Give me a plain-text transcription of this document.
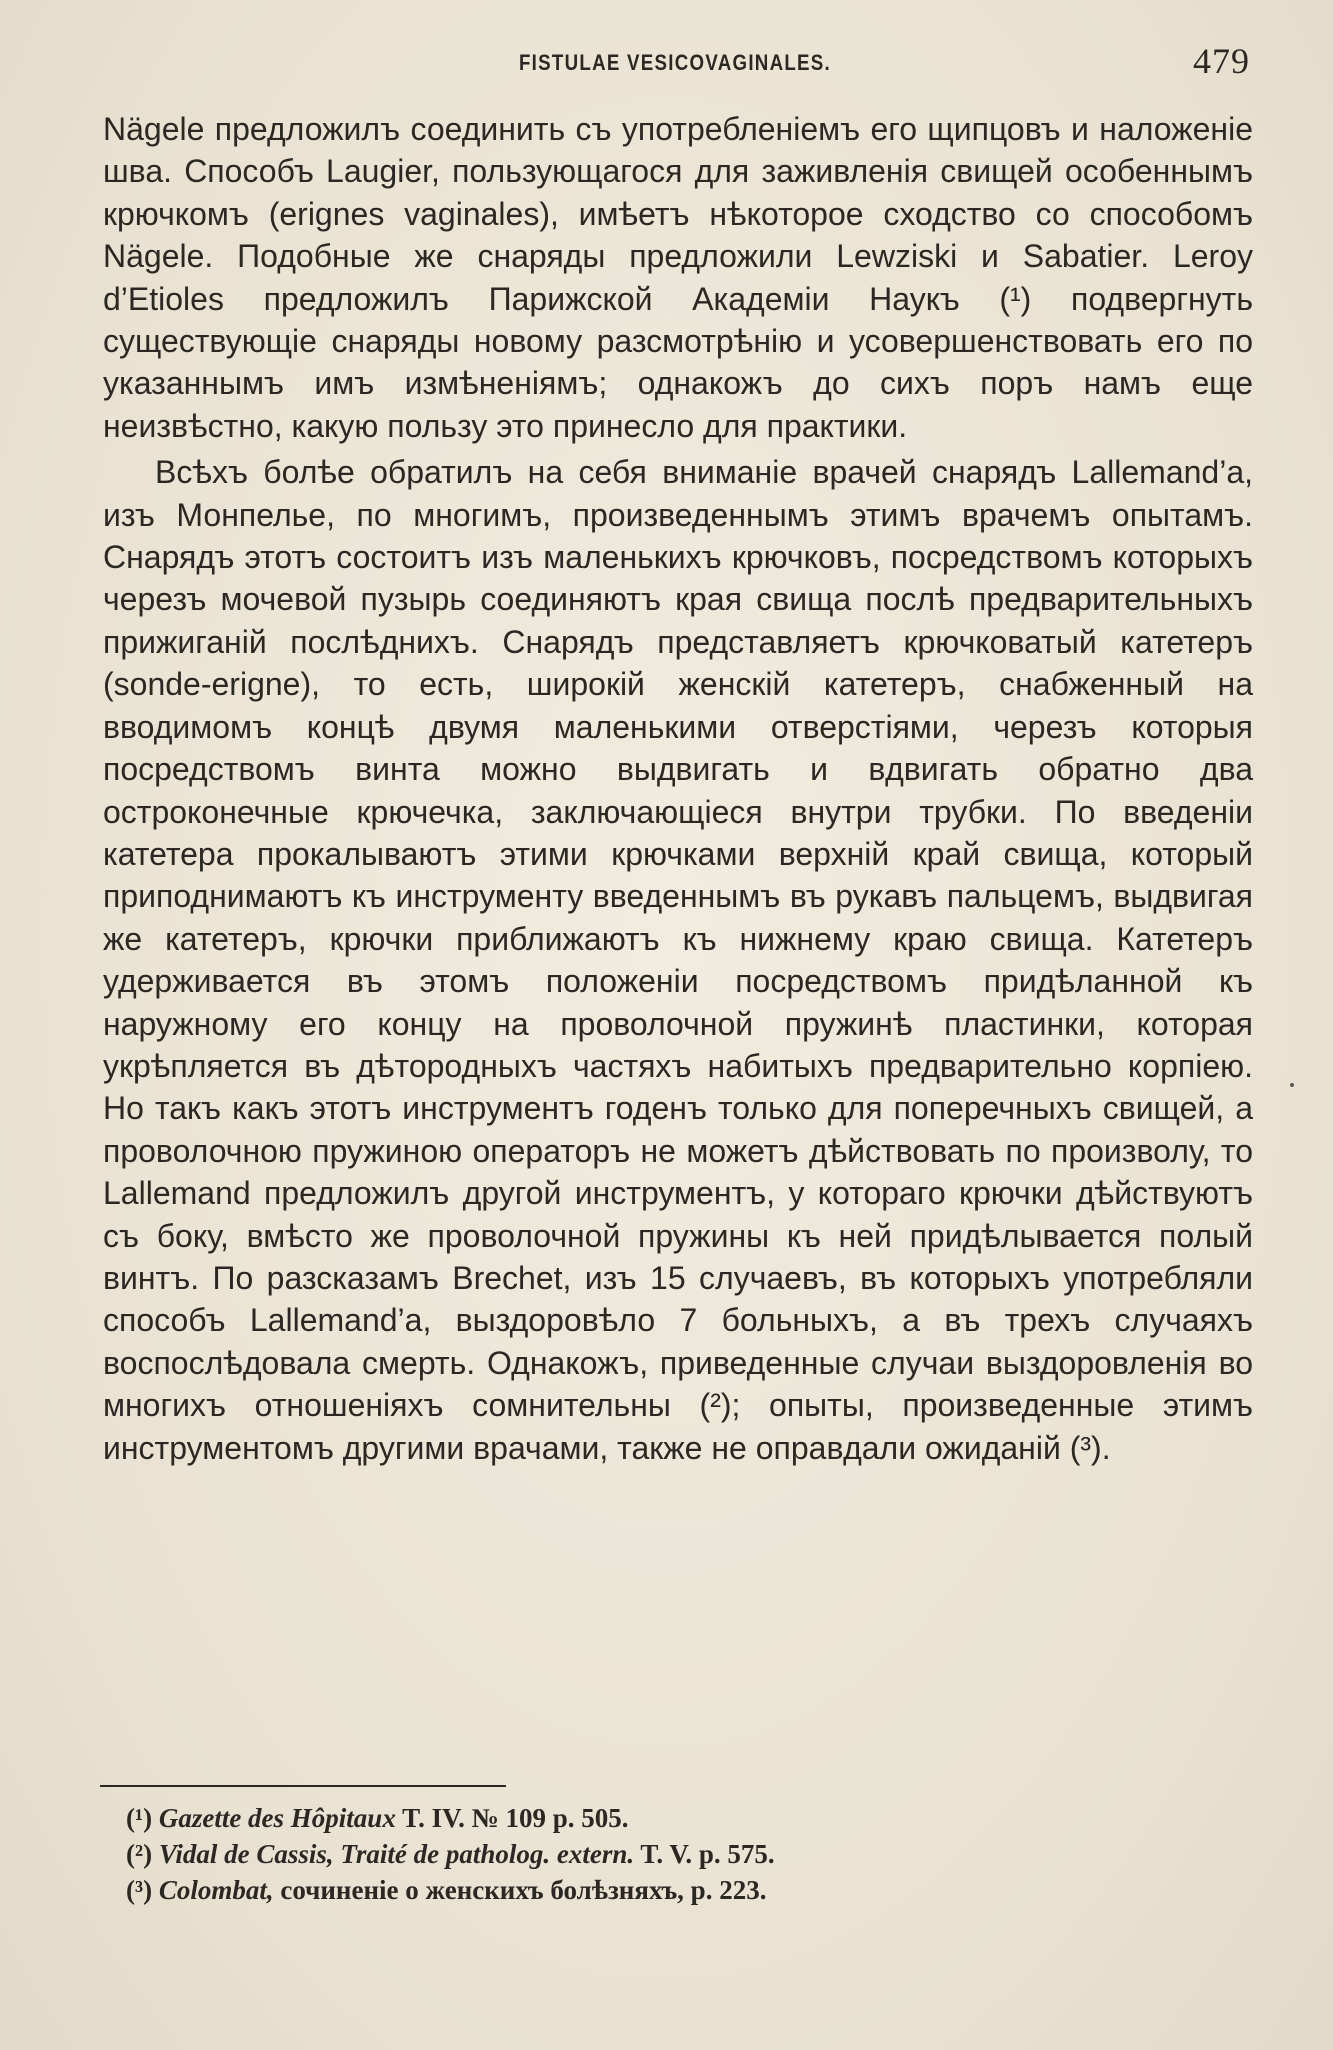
FISTULAE VESICOVAGINALES.	479

Nägele предложилъ соединить съ употребленіемъ его щипцовъ и наложеніе шва. Способъ Laugier, пользующагося для заживленія свищей особеннымъ крючкомъ (erignes vaginales), имѣетъ нѣкоторое сходство со способомъ Nägele. Подобные же снаряды предложили Lewziski и Sabatier. Leroy d’Etioles предложилъ Парижской Академіи Наукъ (¹) подвергнуть существующіе снаряды новому разсмотрѣнію и усовершенствовать его по указаннымъ имъ измѣненіямъ; однакожъ до сихъ поръ намъ еще неизвѣстно, какую пользу это принесло для практики.

Всѣхъ болѣе обратилъ на себя вниманіе врачей снарядъ Lallemand’а, изъ Монпелье, по многимъ, произведеннымъ этимъ врачемъ опытамъ. Снарядъ этотъ состоитъ изъ маленькихъ крючковъ, посредствомъ которыхъ черезъ мочевой пузырь соединяютъ края свища послѣ предварительныхъ прижиганій послѣднихъ. Снарядъ представляетъ крючковатый катетеръ (sonde-erigne), то есть, широкій женскій катетеръ, снабженный на вводимомъ концѣ двумя маленькими отверстіями, черезъ которыя посредствомъ винта можно выдвигать и вдвигать обратно два остроконечные крючечка, заключающіеся внутри трубки. По введеніи катетера прокалываютъ этими крючками верхній край свища, который приподнимаютъ къ инструменту введеннымъ въ рукавъ пальцемъ, выдвигая же катетеръ, крючки приближаютъ къ нижнему краю свища. Катетеръ удерживается въ этомъ положеніи посредствомъ придѣланной къ наружному его концу на проволочной пружинѣ пластинки, которая укрѣпляется въ дѣтородныхъ частяхъ набитыхъ предварительно корпіею. Но такъ какъ этотъ инструментъ годенъ только для поперечныхъ свищей, а проволочною пружиною операторъ не можетъ дѣйствовать по произволу, то Lallemand предложилъ другой инструментъ, у котораго крючки дѣйствуютъ съ боку, вмѣсто же проволочной пружины къ ней придѣлывается полый винтъ. По разсказамъ Brechet, изъ 15 случаевъ, въ которыхъ употребляли способъ Lallemand’а, выздоровѣло 7 больныхъ, а въ трехъ случаяхъ воспослѣдовала смерть. Однакожъ, приведенные случаи выздоровленія во многихъ отношеніяхъ сомнительны (²); опыты, произведенные этимъ инструментомъ другими врачами, также не оправдали ожиданій (³).

(¹) Gazette des Hôpitaux T. IV. № 109 p. 505.
(²) Vidal de Cassis, Traité de patholog. extern. T. V. p. 575.
(³) Colombat, сочиненіе о женскихъ болѣзняхъ, p. 223.
